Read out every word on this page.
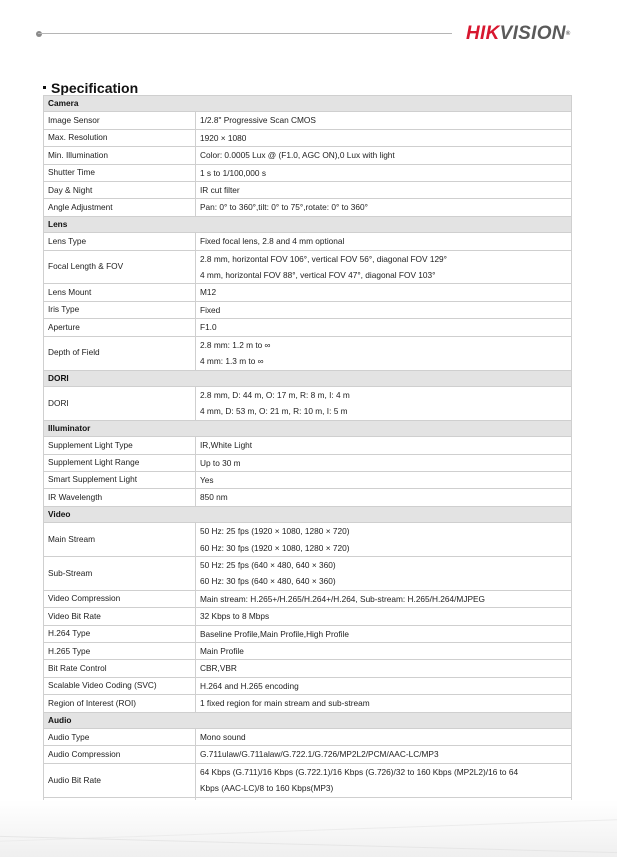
HIKVISION®
Specification
Camera	
Image Sensor	1/2.8" Progressive Scan CMOS

Max. Resolution	1920 × 1080

Min. Illumination	Color: 0.0005 Lux @ (F1.0, AGC ON),0 Lux with light

Shutter Time	1 s to 1/100,000 s

Day & Night	IR cut filter

Angle Adjustment	Pan: 0° to 360°,tilt: 0° to 75°,rotate: 0° to 360°

Lens	
Lens Type	Fixed focal lens, 2.8 and 4 mm optional

Focal Length & FOV	2.8 mm, horizontal FOV 106°, vertical FOV 56°, diagonal FOV 129°
4 mm, horizontal FOV 88°, vertical FOV 47°, diagonal FOV 103°

Lens Mount	M12

Iris Type	Fixed

Aperture	F1.0

Depth of Field	2.8 mm: 1.2 m to ∞
4 mm: 1.3 m to ∞

DORI	
DORI	2.8 mm, D: 44 m, O: 17 m, R: 8 m, I: 4 m
4 mm, D: 53 m, O: 21 m, R: 10 m, I: 5 m

Illuminator	
Supplement Light Type	IR,White Light

Supplement Light Range	Up to 30 m

Smart Supplement Light	Yes

IR Wavelength	850 nm

Video	
Main Stream	50 Hz: 25 fps (1920 × 1080, 1280 × 720)
60 Hz: 30 fps (1920 × 1080, 1280 × 720)

Sub-Stream	50 Hz: 25 fps (640 × 480, 640 × 360)
60 Hz: 30 fps (640 × 480, 640 × 360)

Video Compression	Main stream: H.265+/H.265/H.264+/H.264, Sub-stream: H.265/H.264/MJPEG

Video Bit Rate	32 Kbps to 8 Mbps

H.264 Type	Baseline Profile,Main Profile,High Profile

H.265 Type	Main Profile

Bit Rate Control	CBR,VBR

Scalable Video Coding (SVC)	H.264 and H.265 encoding

Region of Interest (ROI)	1 fixed region for main stream and sub-stream

Audio	
Audio Type	Mono sound

Audio Compression	G.711ulaw/G.711alaw/G.722.1/G.726/MP2L2/PCM/AAC-LC/MP3

Audio Bit Rate	64 Kbps (G.711)/16 Kbps (G.722.1)/16 Kbps (G.726)/32 to 160 Kbps (MP2L2)/16 to 64
Kbps (AAC-LC)/8 to 160 Kbps(MP3)
